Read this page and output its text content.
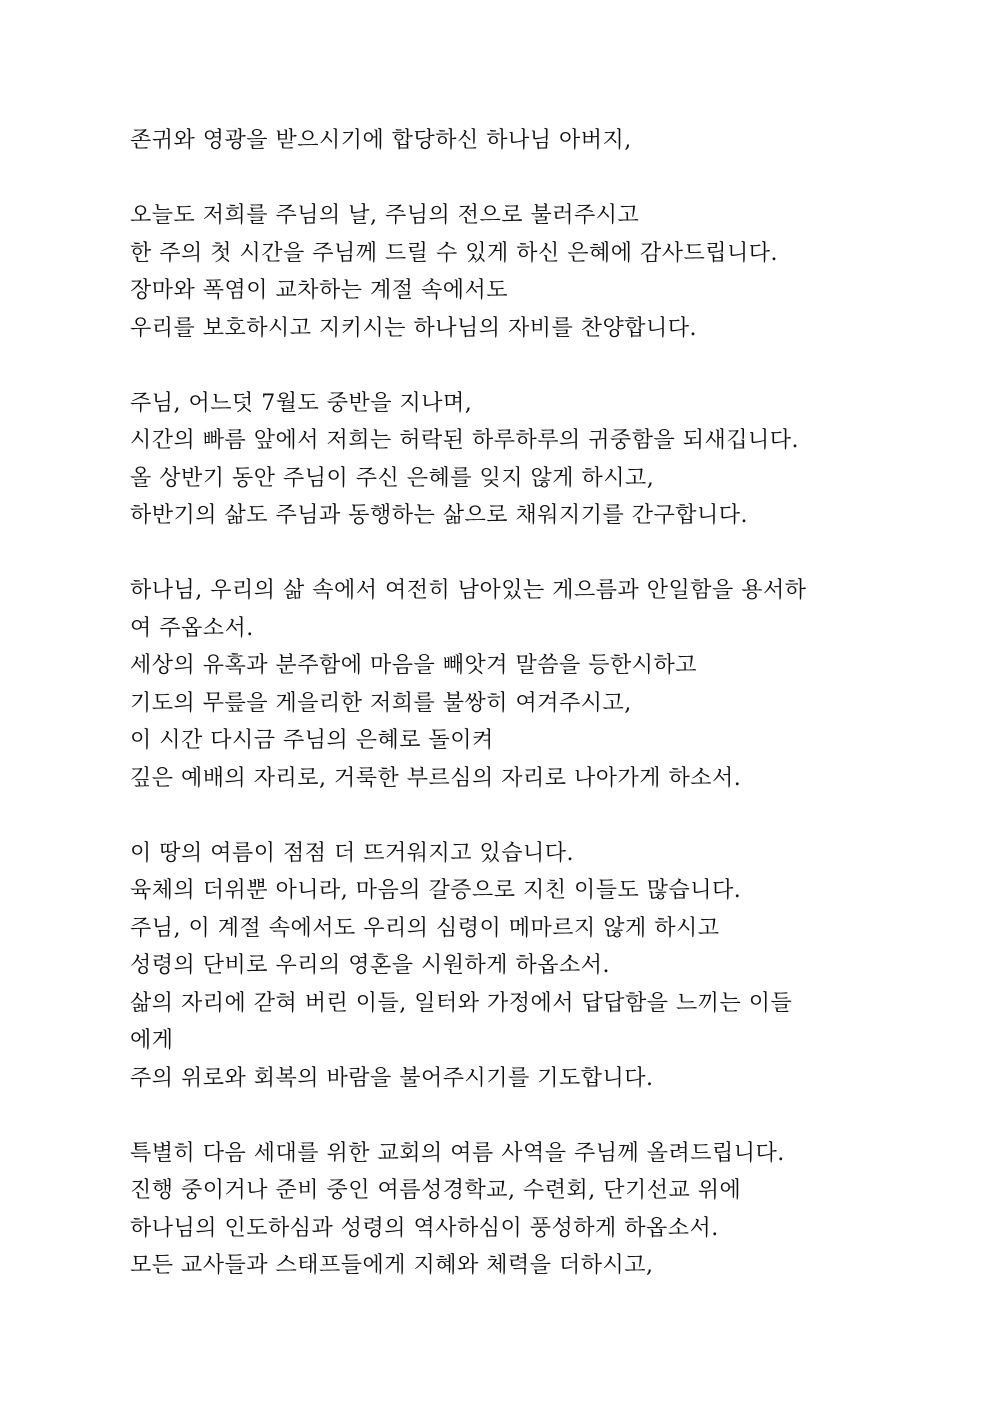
존귀와 영광을 받으시기에 합당하신 하나님 아버지,
오늘도 저희를 주님의 날, 주님의 전으로 불러주시고
한 주의 첫 시간을 주님께 드릴 수 있게 하신 은혜에 감사드립니다.
장마와 폭염이 교차하는 계절 속에서도
우리를 보호하시고 지키시는 하나님의 자비를 찬양합니다.
주님, 어느덧 7월도 중반을 지나며,
시간의 빠름 앞에서 저희는 허락된 하루하루의 귀중함을 되새깁니다.
올 상반기 동안 주님이 주신 은혜를 잊지 않게 하시고,
하반기의 삶도 주님과 동행하는 삶으로 채워지기를 간구합니다.
하나님, 우리의 삶 속에서 여전히 남아있는 게으름과 안일함을 용서하
여 주옵소서.
세상의 유혹과 분주함에 마음을 빼앗겨 말씀을 등한시하고
기도의 무릎을 게을리한 저희를 불쌍히 여겨주시고,
이 시간 다시금 주님의 은혜로 돌이켜
깊은 예배의 자리로, 거룩한 부르심의 자리로 나아가게 하소서.
이 땅의 여름이 점점 더 뜨거워지고 있습니다.
육체의 더위뿐 아니라, 마음의 갈증으로 지친 이들도 많습니다.
주님, 이 계절 속에서도 우리의 심령이 메마르지 않게 하시고
성령의 단비로 우리의 영혼을 시원하게 하옵소서.
삶의 자리에 갇혀 버린 이들, 일터와 가정에서 답답함을 느끼는 이들
에게
주의 위로와 회복의 바람을 불어주시기를 기도합니다.
특별히 다음 세대를 위한 교회의 여름 사역을 주님께 올려드립니다.
진행 중이거나 준비 중인 여름성경학교, 수련회, 단기선교 위에
하나님의 인도하심과 성령의 역사하심이 풍성하게 하옵소서.
모든 교사들과 스태프들에게 지혜와 체력을 더하시고,
